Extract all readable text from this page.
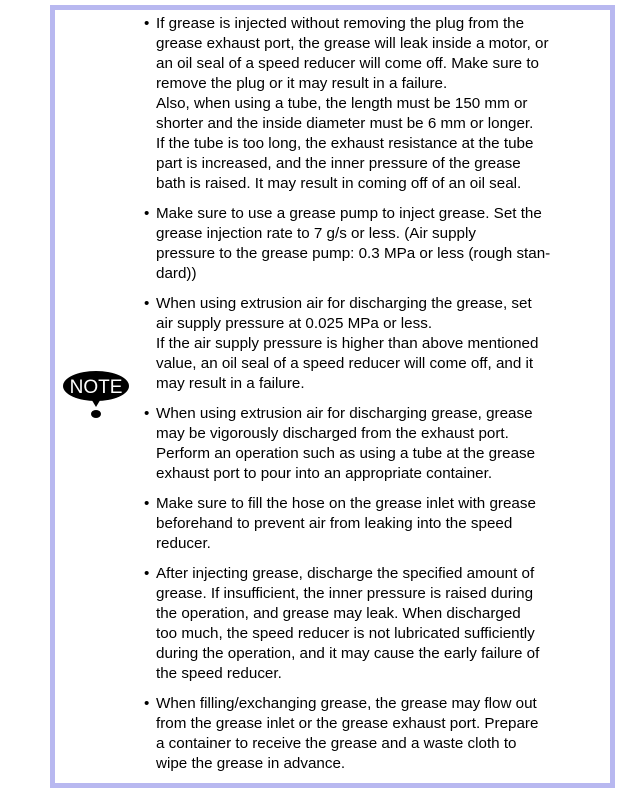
NOTE
• If grease is injected without removing the plug from the
grease exhaust port, the grease will leak inside a motor, or
an oil seal of a speed reducer will come off. Make sure to
remove the plug or it may result in a failure.
Also, when using a tube, the length must be 150 mm or
shorter and the inside diameter must be 6 mm or longer.
If the tube is too long, the exhaust resistance at the tube
part is increased, and the inner pressure of the grease
bath is raised. It may result in coming off of an oil seal.
• Make sure to use a grease pump to inject grease. Set the
grease injection rate to 7 g/s or less. (Air supply
pressure to the grease pump: 0.3 MPa or less (rough stan-
dard))
• When using extrusion air for discharging the grease, set
air supply pressure at 0.025 MPa or less.
If the air supply pressure is higher than above mentioned
value, an oil seal of a speed reducer will come off, and it
may result in a failure.
• When using extrusion air for discharging grease, grease
may be vigorously discharged from the exhaust port.
Perform an operation such as using a tube at the grease
exhaust port to pour into an appropriate container.
• Make sure to fill the hose on the grease inlet with grease
beforehand to prevent air from leaking into the speed
reducer.
• After injecting grease, discharge the specified amount of
grease. If insufficient, the inner pressure is raised during
the operation, and grease may leak. When discharged
too much, the speed reducer is not lubricated sufficiently
during the operation, and it may cause the early failure of
the speed reducer.
• When filling/exchanging grease, the grease may flow out
from the grease inlet or the grease exhaust port. Prepare
a container to receive the grease and a waste cloth to
wipe the grease in advance.
